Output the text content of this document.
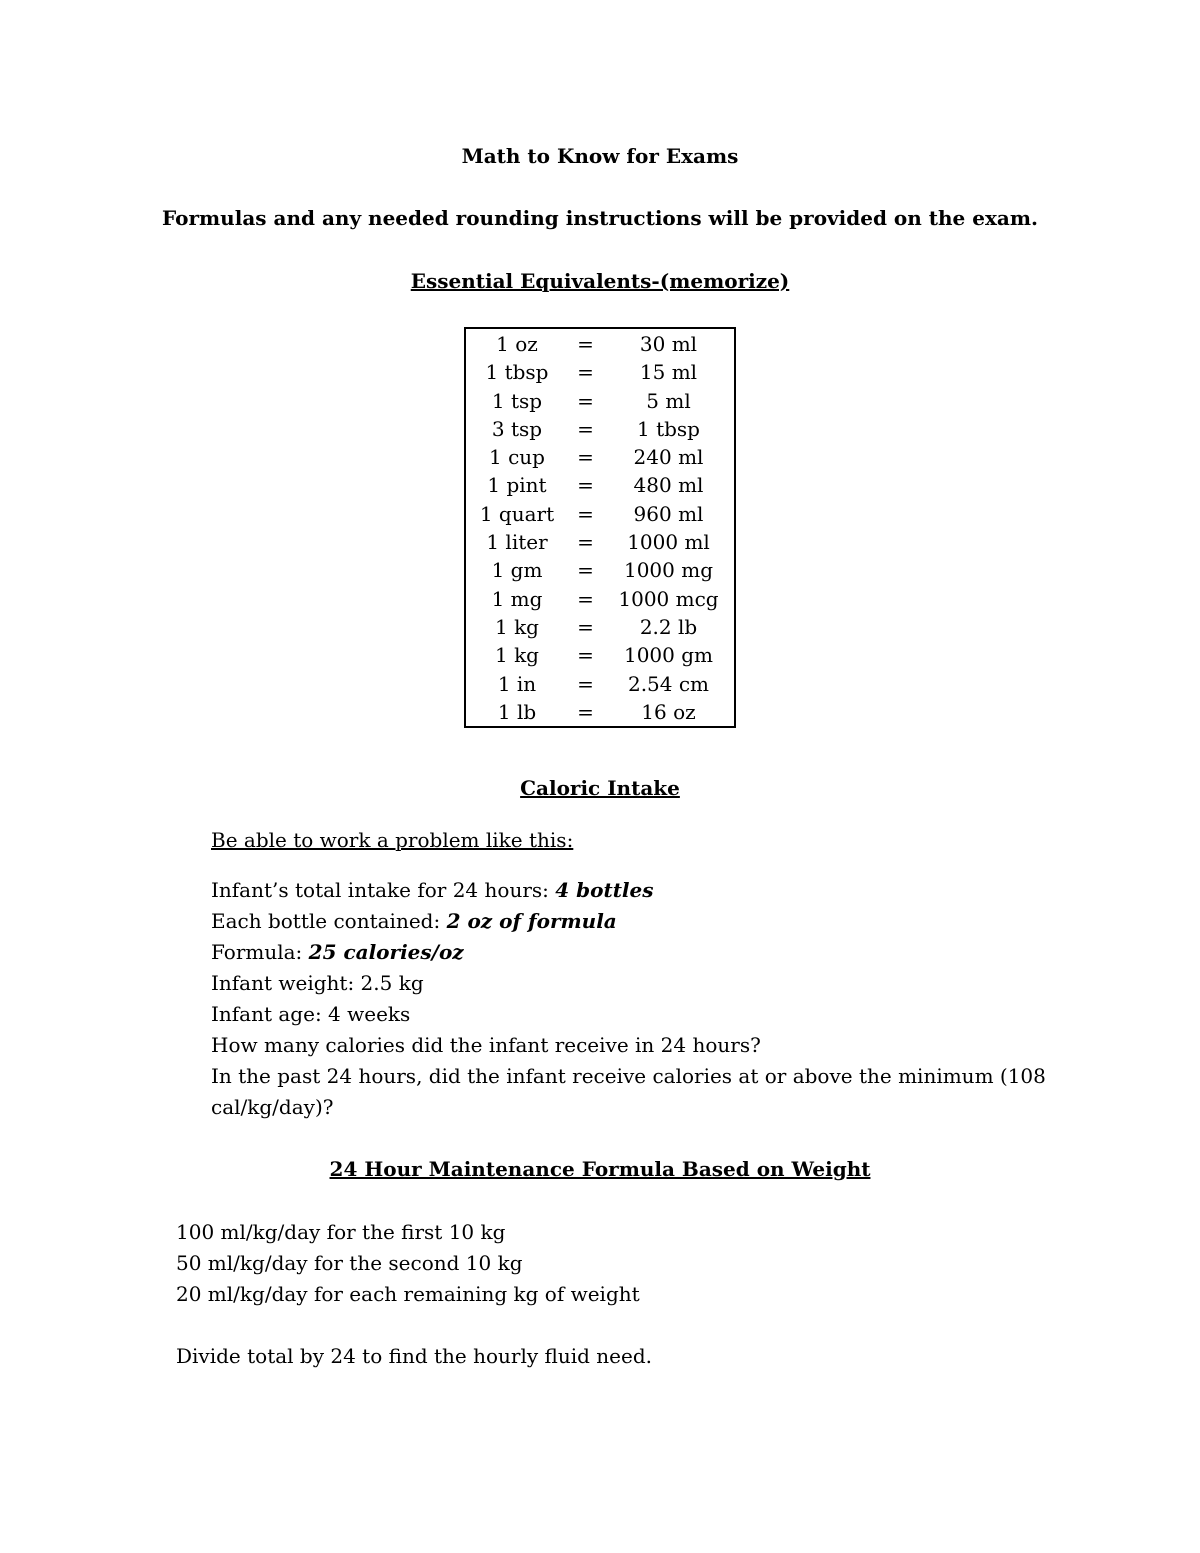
Math to Know for Exams
Formulas and any needed rounding instructions will be provided on the exam.
Essential Equivalents-(memorize)
1 oz	=	30 ml
1 tbsp	=	15 ml
1 tsp	=	5 ml
3 tsp	=	1 tbsp
1 cup	=	240 ml
1 pint	=	480 ml
1 quart	=	960 ml
1 liter	=	1000 ml
1 gm	=	1000 mg
1 mg	=	1000 mcg
1 kg	=	2.2 lb
1 kg	=	1000 gm
1 in	=	2.54 cm
1 lb	=	16 oz
Caloric Intake
Be able to work a problem like this:
Infant’s total intake for 24 hours: 4 bottles
Each bottle contained: 2 oz of formula
Formula: 25 calories/oz
Infant weight: 2.5 kg
Infant age: 4 weeks
How many calories did the infant receive in 24 hours?
In the past 24 hours, did the infant receive calories at or above the minimum (108
cal/kg/day)?
24 Hour Maintenance Formula Based on Weight
100 ml/kg/day for the first 10 kg
50 ml/kg/day for the second 10 kg
20 ml/kg/day for each remaining kg of weight
Divide total by 24 to find the hourly fluid need.
